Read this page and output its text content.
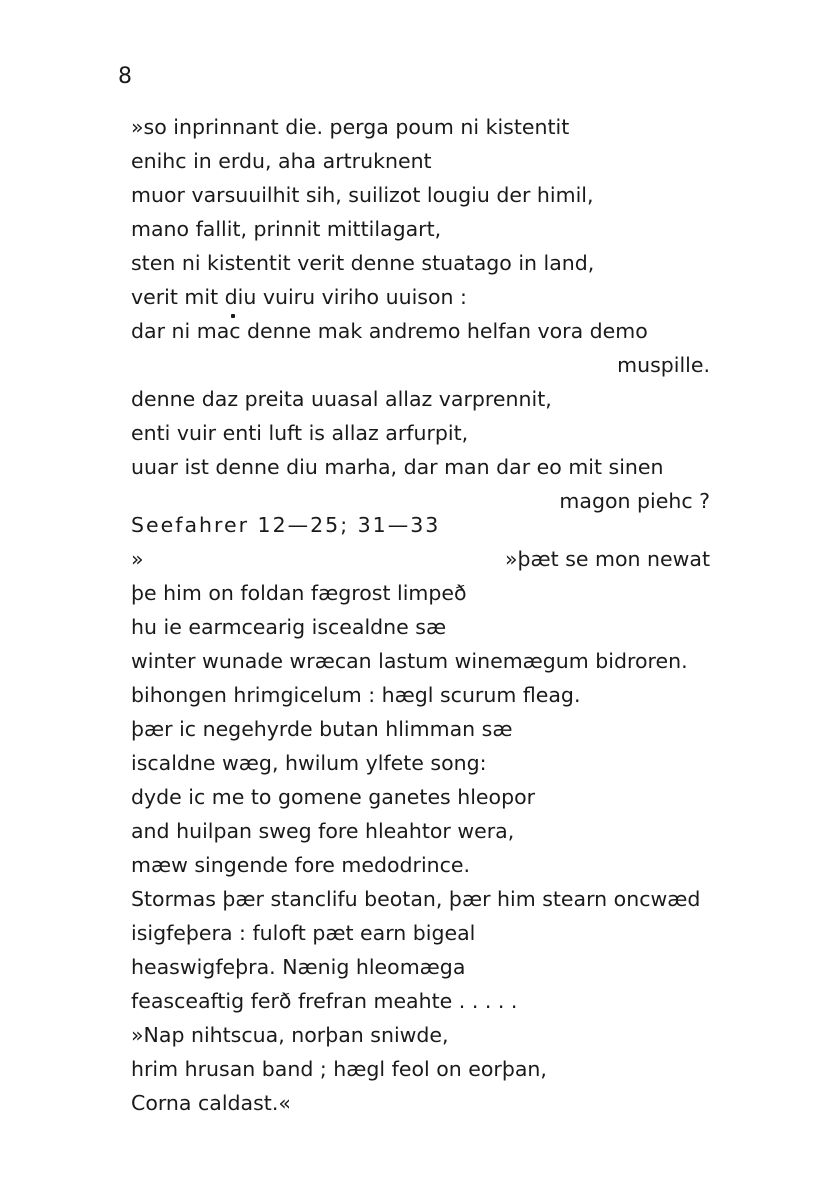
8
»so inprinnant die. perga poum ni kistentit
enihc in erdu, aha artruknent
muor varsuuilhit sih, suilizot lougiu der himil,
mano fallit, prinnit mittilagart,
sten ni kistentit verit denne stuatago in land,
verit mit diu vuiru viriho uuison :
dar ni mac denne mak andremo helfan vora demo
muspille.
denne daz preita uuasal allaz varprennit,
enti vuir enti luft is allaz arfurpit,
uuar ist denne diu marha, dar man dar eo mit sinen
magon piehc ?
Seefahrer 12—25; 31—33
»	»þæt se mon newat
þe him on foldan fægrost limpeð
hu ie earmcearig iscealdne sæ
winter wunade wræcan lastum winemægum bidroren.
bihongen hrimgicelum : hægl scurum fleag.
þær ic negehyrde butan hlimman sæ
iscaldne wæg, hwilum ylfete song:
dyde ic me to gomene ganetes hleopor
and huilpan sweg fore hleahtor wera,
mæw singende fore medodrince.
Stormas þær stanclifu beotan, þær him stearn oncwæd
isigfeþera : fuloft pæt earn bigeal
heaswigfeþra. Nænig hleomæga
feasceaftig ferð frefran meahte . . . . .
»Nap nihtscua, norþan sniwde,
hrim hrusan band ; hægl feol on eorþan,
Corna caldast.«
